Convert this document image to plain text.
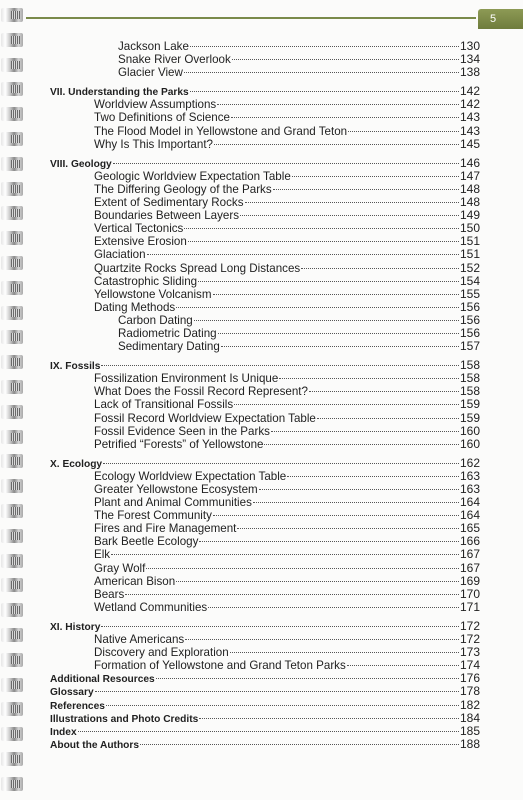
5
Jackson Lake	130
Snake River Overlook	134
Glacier View	138
VII. Understanding the Parks	142
Worldview Assumptions	142
Two Definitions of Science	143
The Flood Model in Yellowstone and Grand Teton	143
Why Is This Important?	145
VIII. Geology	146
Geologic Worldview Expectation Table	147
The Differing Geology of the Parks	148
Extent of Sedimentary Rocks	148
Boundaries Between Layers	149
Vertical Tectonics	150
Extensive Erosion	151
Glaciation	151
Quartzite Rocks Spread Long Distances	152
Catastrophic Sliding	154
Yellowstone Volcanism	155
Dating Methods	156
Carbon Dating	156
Radiometric Dating	156
Sedimentary Dating	157
IX. Fossils	158
Fossilization Environment Is Unique	158
What Does the Fossil Record Represent?	158
Lack of Transitional Fossils	159
Fossil Record Worldview Expectation Table	159
Fossil Evidence Seen in the Parks	160
Petrified “Forests” of Yellowstone	160
X. Ecology	162
Ecology Worldview Expectation Table	163
Greater Yellowstone Ecosystem	163
Plant and Animal Communities	164
The Forest Community	164
Fires and Fire Management	165
Bark Beetle Ecology	166
Elk	167
Gray Wolf	167
American Bison	169
Bears	170
Wetland Communities	171
XI. History	172
Native Americans	172
Discovery and Exploration	173
Formation of Yellowstone and Grand Teton Parks	174
Additional Resources	176
Glossary	178
References	182
Illustrations and Photo Credits	184
Index	185
About the Authors	188
